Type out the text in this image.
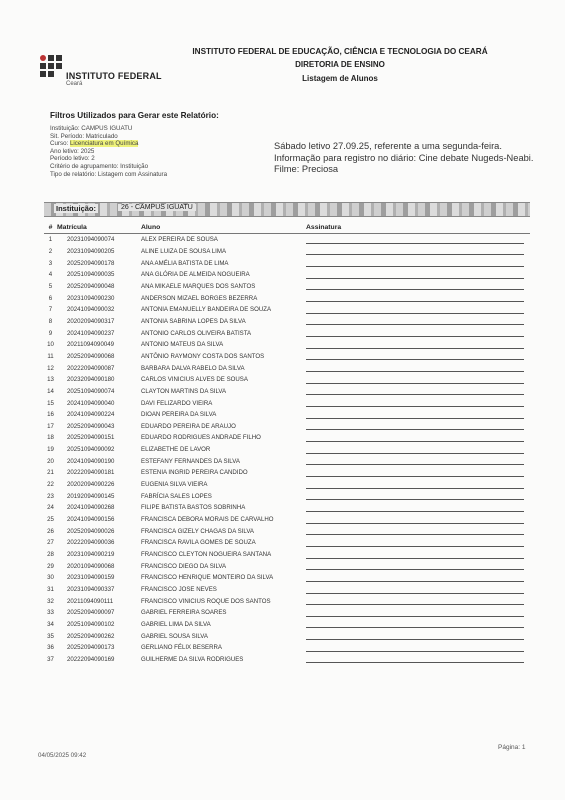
INSTITUTO FEDERAL
Ceará
INSTITUTO FEDERAL DE EDUCAÇÃO, CIÊNCIA E TECNOLOGIA DO CEARÁ
DIRETORIA DE ENSINO
Listagem de Alunos
Filtros Utilizados para Gerar este Relatório:
Instituição: CAMPUS IGUATU
Sit. Período: Matriculado
Curso: Licenciatura em Química
Ano letivo: 2025
Período letivo: 2
Critério de agrupamento: Instituição
Tipo de relatório: Listagem com Assinatura
Sábado letivo 27.09.25, referente a uma segunda-feira. Informação para registro no diário: Cine debate Nugeds-Neabi. Filme: Preciosa
Instituição:	26 - CAMPUS IGUATU
#	Matrícula	Aluno	Assinatura
1	20231094090074	ALEX PEREIRA DE SOUSA	

2	20231094090205	ALINE LUIZA DE SOUSA LIMA	

3	20252094090178	ANA AMÉLIA BATISTA DE LIMA	

4	20251094090035	ANA GLÓRIA DE ALMEIDA NOGUEIRA	

5	20252094090048	ANA MIKAELE MARQUES DOS SANTOS	

6	20231094090230	ANDERSON MIZAEL BORGES BEZERRA	

7	20241094090032	ANTONIA EMANUELLY BANDEIRA DE SOUZA	

8	20202094090317	ANTONIA SABRINA LOPES DA SILVA	

9	20241094090237	ANTONIO CARLOS OLIVEIRA BATISTA	

10	20211094090049	ANTONIO MATEUS DA SILVA	

11	20252094090068	ANTÔNIO RAYMONY COSTA DOS SANTOS	

12	20222094090087	BARBARA DALVA RABELO DA SILVA	

13	20232094090180	CARLOS VINICIUS ALVES DE SOUSA	

14	20251094090074	CLAYTON MARTINS DA SILVA	

15	20241094090040	DAVI FELIZARDO VIEIRA	

16	20241094090224	DIOAN PEREIRA DA SILVA	

17	20252094090043	EDUARDO PEREIRA DE ARAUJO	

18	20252094090151	EDUARDO RODRIGUES ANDRADE FILHO	

19	20251094090092	ELIZABETHE DE LAVOR	

20	20241094090190	ESTEFANY FERNANDES DA SILVA	

21	20222094090181	ESTENIA INGRID PEREIRA CANDIDO	

22	20202094090226	EUGENIA SILVA VIEIRA	

23	20192094090145	FABRÍCIA SALES LOPES	

24	20241094090268	FILIPE BATISTA BASTOS SOBRINHA	

25	20241094090156	FRANCISCA DEBORA MORAIS DE CARVALHO	

26	20252094090026	FRANCISCA GIZELY CHAGAS DA SILVA	

27	20222094090036	FRANCISCA RAVILA GOMES DE SOUZA	

28	20231094090219	FRANCISCO CLEYTON NOGUEIRA SANTANA	

29	20201094090068	FRANCISCO DIEGO DA SILVA	

30	20231094090159	FRANCISCO HENRIQUE MONTEIRO DA SILVA	

31	20231094090337	FRANCISCO JOSE NEVES	

32	20211094090111	FRANCISCO VINICIUS ROQUE DOS SANTOS	

33	20252094090097	GABRIEL FERREIRA SOARES	

34	20251094090102	GABRIEL LIMA DA SILVA	

35	20252094090262	GABRIEL SOUSA SILVA	

36	20252094090173	GERLIANO FÉLIX BESERRA	

37	20222094090169	GUILHERME DA SILVA RODRIGUES	
04/05/2025 09:42
Página: 1
